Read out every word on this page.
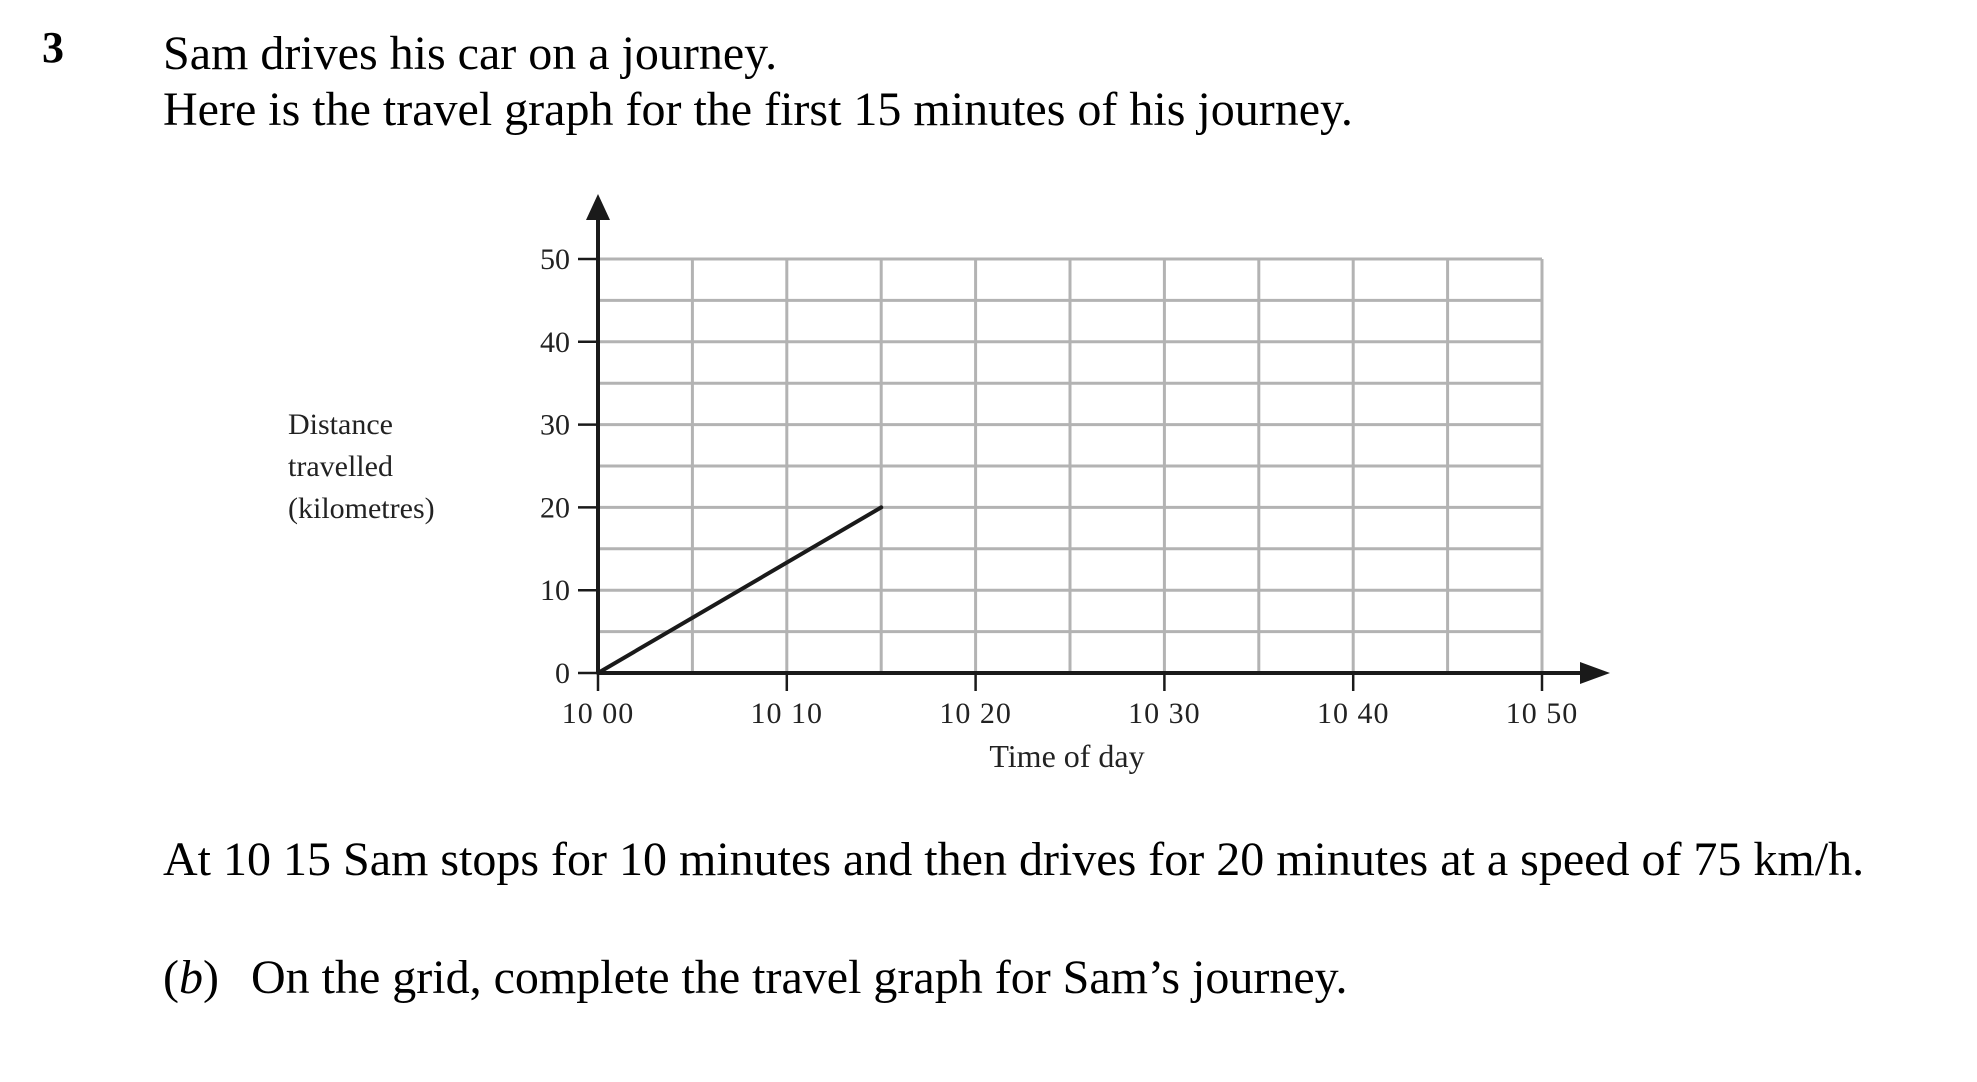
3 Sam drives his car on a journey.
Here is the travel graph for the first 15 minutes of his journey.
Distance
travelled
(kilometres)
0
10
20
30
40
50
10 00	10 10	10 20	10 30	10 40	10 50
Time of day
At 10 15 Sam stops for 10 minutes and then drives for 20 minutes at a speed of 75 km/h.
(b) On the grid, complete the travel graph for Sam’s journey.
